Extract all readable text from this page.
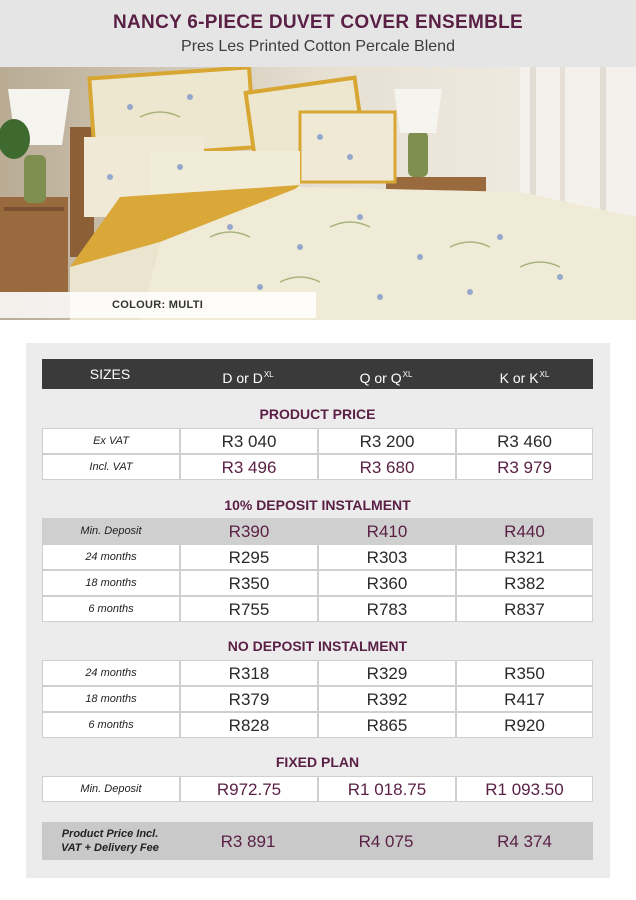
NANCY 6-PIECE DUVET COVER ENSEMBLE
Pres Les Printed Cotton Percale Blend
COLOUR: MULTI
SIZES	D or $D^{XL}$	Q or $Q^{XL}$	K or $K^{XL}$
PRODUCT PRICE
Ex VAT	R3 040	R3 200	R3 460
Incl. VAT	R3 496	R3 680	R3 979
10% DEPOSIT INSTALMENT
Min. Deposit	R390	R410	R440
24 months	R295	R303	R321
18 months	R350	R360	R382
6 months	R755	R783	R837
NO DEPOSIT INSTALMENT
24 months	R318	R329	R350
18 months	R379	R392	R417
6 months	R828	R865	R920
FIXED PLAN
Min. Deposit	R972.75	R1 018.75	R1 093.50
Product Price Incl.
VAT + Delivery Fee	R3 891	R4 075	R4 374
